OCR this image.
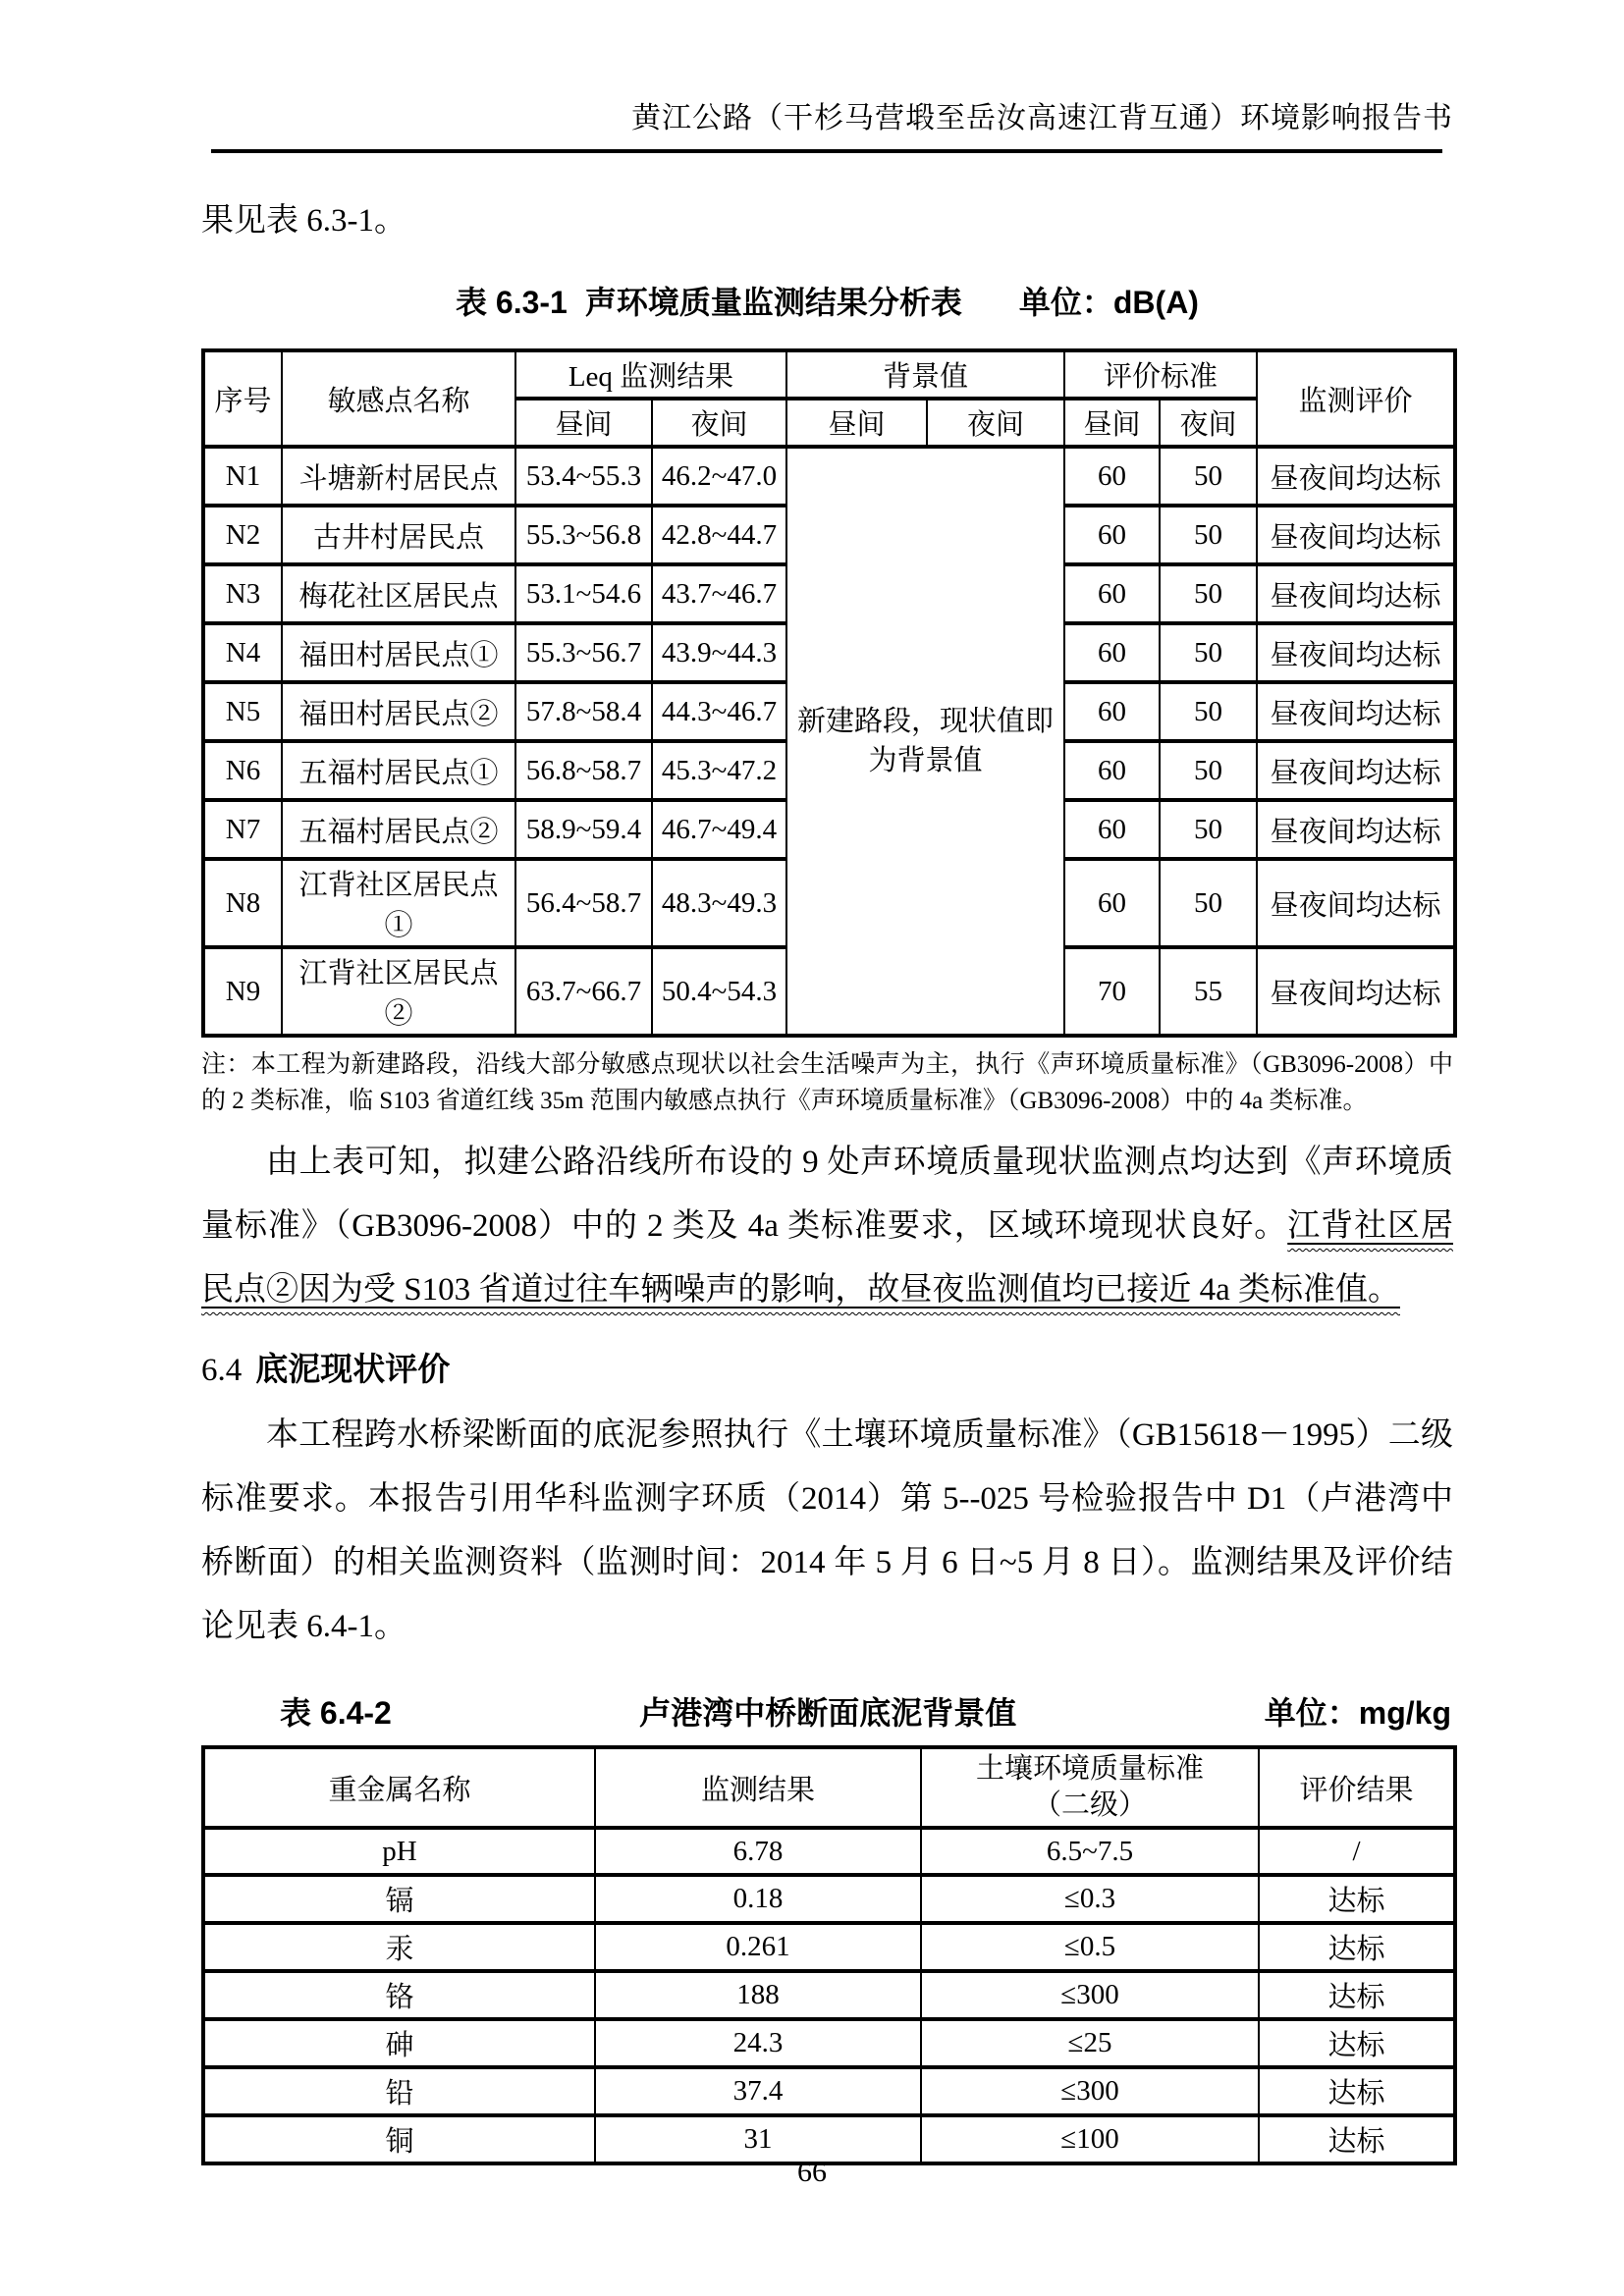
黄江公路（干杉马营塅至岳汝高速江背互通）环境影响报告书
果见表 6.3-1。
表 6.3-1 声环境质量监测结果分析表 单位：dB(A)
序号	敏感点名称	Leq 监测结果		背景值		评价标准		监测评价
		昼间	夜间	昼间	夜间	昼间	夜间	
N1	斗塘新村居民点	53.4~55.3	46.2~47.0	新建路段，现状值即为背景值		60	50	昼夜间均达标
N2	古井村居民点	55.3~56.8	42.8~44.7			60	50	昼夜间均达标
N3	梅花社区居民点	53.1~54.6	43.7~46.7			60	50	昼夜间均达标
N4	福田村居民点①	55.3~56.7	43.9~44.3			60	50	昼夜间均达标
N5	福田村居民点②	57.8~58.4	44.3~46.7			60	50	昼夜间均达标
N6	五福村居民点①	56.8~58.7	45.3~47.2			60	50	昼夜间均达标
N7	五福村居民点②	58.9~59.4	46.7~49.4			60	50	昼夜间均达标
N8	江背社区居民点①	56.4~58.7	48.3~49.3			60	50	昼夜间均达标
N9	江背社区居民点②	63.7~66.7	50.4~54.3			70	55	昼夜间均达标
注：本工程为新建路段，沿线大部分敏感点现状以社会生活噪声为主，执行《声环境质量标准》（GB3096-2008）中的 2 类标准，临 S103 省道红线 35m 范围内敏感点执行《声环境质量标准》（GB3096-2008）中的 4a 类标准。
由上表可知，拟建公路沿线所布设的 9 处声环境质量现状监测点均达到《声环境质量标准》（GB3096-2008）中的 2 类及 4a 类标准要求，区域环境现状良好。江背社区居民点②因为受 S103 省道过往车辆噪声的影响，故昼夜监测值均已接近 4a 类标准值。
6.4 底泥现状评价
本工程跨水桥梁断面的底泥参照执行《土壤环境质量标准》（GB15618－1995）二级标准要求。本报告引用华科监测字环质（2014）第 5--025 号检验报告中 D1（卢港湾中桥断面）的相关监测资料（监测时间：2014 年 5 月 6 日~5 月 8 日）。监测结果及评价结论见表 6.4-1。
表 6.4-2	卢港湾中桥断面底泥背景值	单位：mg/kg
重金属名称	监测结果	土壤环境质量标准
（二级）	评价结果
pH	6.78	6.5~7.5	/
镉	0.18	≤0.3	达标
汞	0.261	≤0.5	达标
铬	188	≤300	达标
砷	24.3	≤25	达标
铅	37.4	≤300	达标
铜	31	≤100	达标
66
